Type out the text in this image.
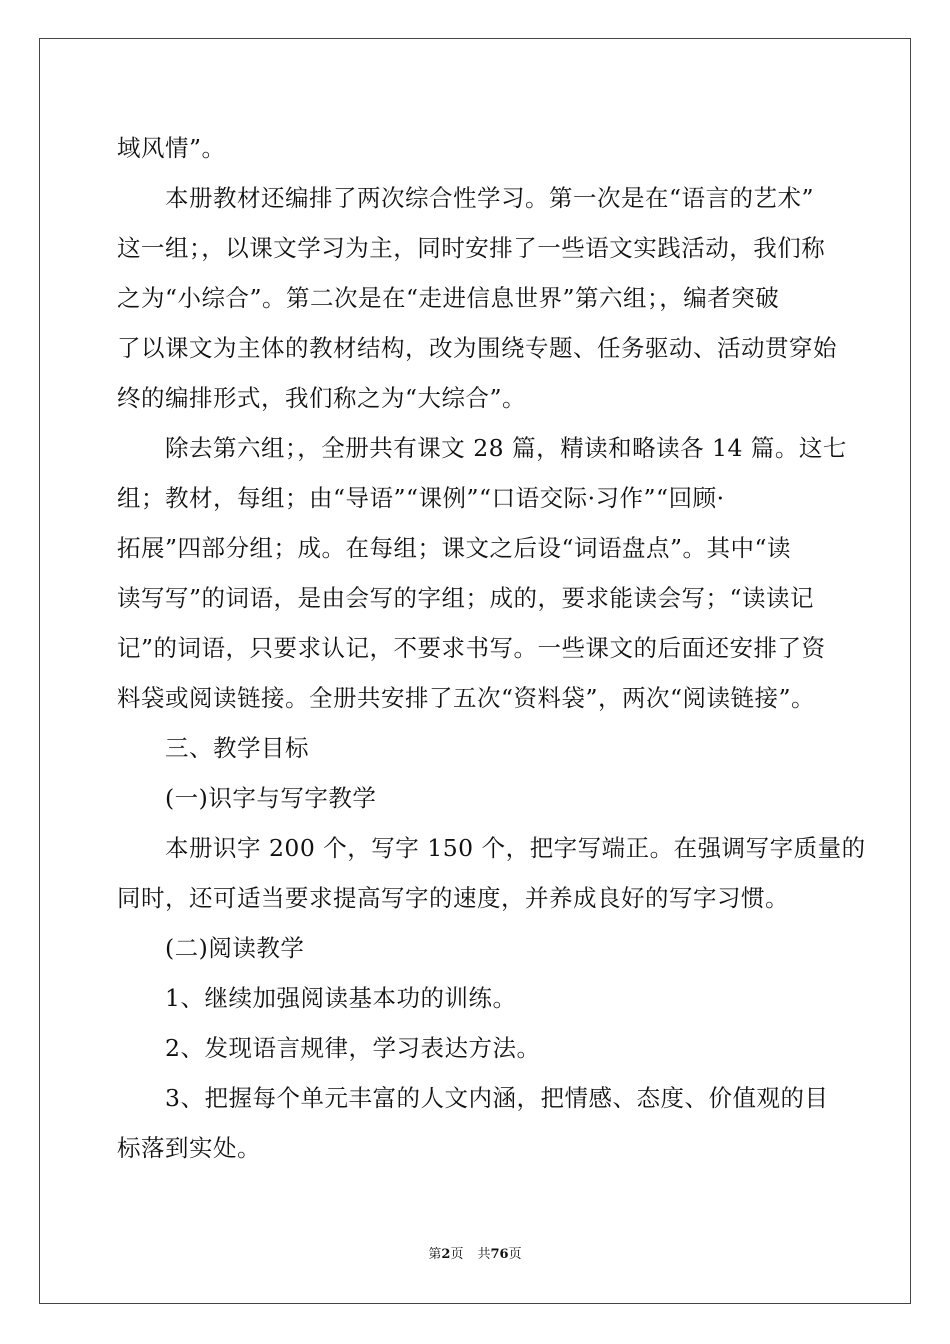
域风情”。
本册教材还编排了两次综合性学习。第一次是在“语言的艺术”
这一组；，以课文学习为主，同时安排了一些语文实践活动，我们称
之为“小综合”。第二次是在“走进信息世界”第六组；，编者突破
了以课文为主体的教材结构，改为围绕专题、任务驱动、活动贯穿始
终的编排形式，我们称之为“大综合”。
除去第六组；，全册共有课文 28 篇，精读和略读各 14 篇。这七
组；教材，每组；由“导语”“课例”“口语交际·习作”“回顾·
拓展”四部分组；成。在每组；课文之后设“词语盘点”。其中“读
读写写”的词语，是由会写的字组；成的，要求能读会写；“读读记
记”的词语，只要求认记，不要求书写。一些课文的后面还安排了资
料袋或阅读链接。全册共安排了五次“资料袋”，两次“阅读链接”。
三、教学目标
(一)识字与写字教学
本册识字 200 个，写字 150 个，把字写端正。在强调写字质量的
同时，还可适当要求提高写字的速度，并养成良好的写字习惯。
(二)阅读教学
1、继续加强阅读基本功的训练。
2、发现语言规律，学习表达方法。
3、把握每个单元丰富的人文内涵，把情感、态度、价值观的目
标落到实处。
第2页 共76页
